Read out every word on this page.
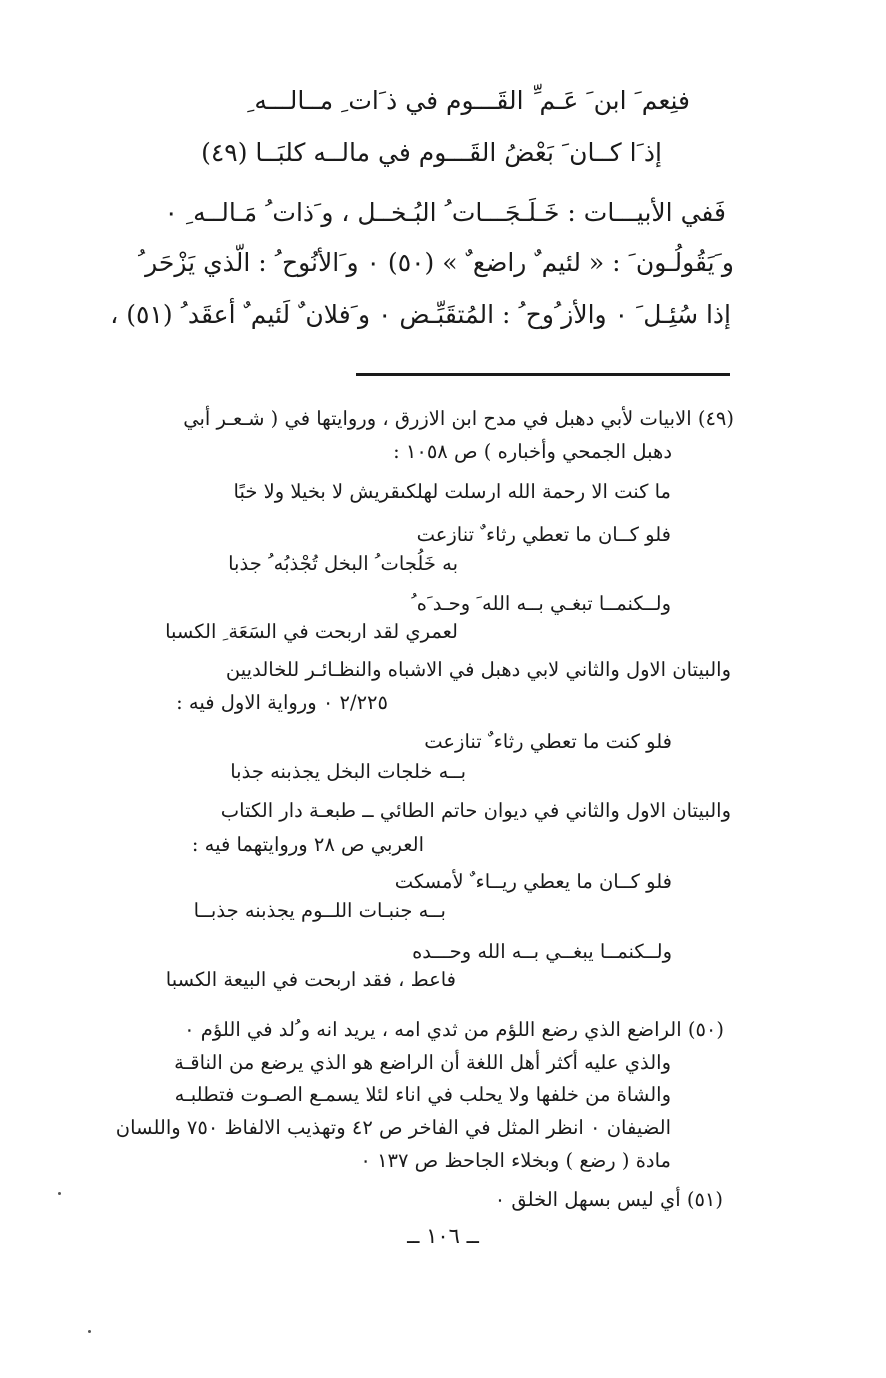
فنِعم َ ابن َ عَـم ِّ القَـــوم في ذ َات ِ مــالـــه ِ

إذ َا كــان َ بَعْضُ القَـــوم في مالــه كلبَــا (٤٩)

فَفي الأبيـــات : خَـلَـجَـــات ُ البُـخــل ، و َذات ُ مَـالــه ِ ٠

و َيَقُولُـون َ : « لئيم ٌ راضع ٌ » (٥٠) ٠ و َالأنُوح ُ : الّذي يَزْحَر ُ

إذا سُئِـل َ ٠ والأز ُوح ُ : المُتقَبِّـض ٠ و َفلان ٌ لَئيم ٌ أعقَد ُ (٥١) ،

(٤٩) الابيات لأبي دهبل في مدح ابن الازرق ، وروايتها في ( شـعـر أبي

دهبل الجمحي وأخباره ) ص ١٠٥٨ :

ما كنت الا رحمة الله ارسلت لهلكىقريش لا بخيلا ولا خبًا

فلو كــان ما تعطي رثاء ٌ تنازعت

به خَلُجات ُ البخل تُجْذبُه ُ جذبا

ولــكنمــا تبغـي بــه الله َ وحـد َه ُ

لعمري لقد اربحت في السَعَة ِ الكسبا

والبيتان الاول والثاني لابي دهبل في الاشباه والنظـائـر للخالديين

٢/٢٢٥ ٠ ورواية الاول فيه :

فلو كنت ما تعطي رثاء ٌ تنازعت

بــه خلجات البخل يجذبنه جذبا

والبيتان الاول والثاني في ديوان حاتم الطائي ــ طبعـة دار الكتاب

العربي ص ٢٨ وروايتهما فيه :

فلو كــان ما يعطي ريــاء ٌ لأمسكت

بــه جنبـات اللــوم يجذبنه جذبــا

ولــكنمــا يبغــي بــه الله وحـــده

فاعط ، فقد اربحت في البيعة الكسبا

(٥٠) الراضع الذي رضع اللؤم من ثدي امه ، يريد انه و ُلد في اللؤم ٠

والذي عليه أكثر أهل اللغة أن الراضع هو الذي يرضع من الناقـة

والشاة من خلفها ولا يحلب في اناء لئلا يسمـع الصـوت فتطلبـه

الضيفان ٠ انظر المثل في الفاخر ص ٤٢ وتهذيب الالفاظ ٧٥٠ واللسان

مادة ( رضع ) وبخلاء الجاحظ ص ١٣٧ ٠

(٥١) أي ليس بسهل الخلق ٠

ــ ١٠٦ ــ
